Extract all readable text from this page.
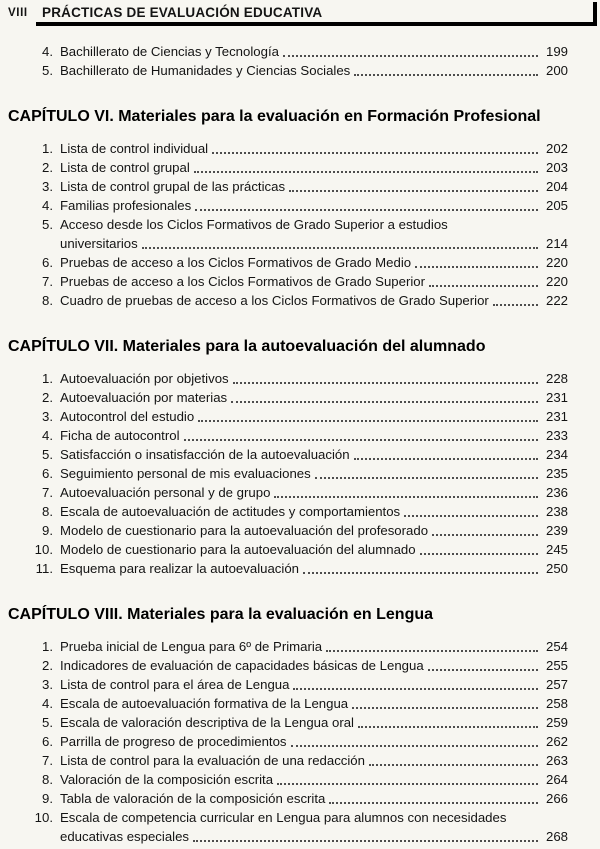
VIII PRÁCTICAS DE EVALUACIÓN EDUCATIVA
4. Bachillerato de Ciencias y Tecnología	199
5. Bachillerato de Humanidades y Ciencias Sociales	200
CAPÍTULO VI. Materiales para la evaluación en Formación Profesional
1. Lista de control individual	202
2. Lista de control grupal	203
3. Lista de control grupal de las prácticas	204
4. Familias profesionales	205
5. Acceso desde los Ciclos Formativos de Grado Superior a estudios
universitarios	214
6. Pruebas de acceso a los Ciclos Formativos de Grado Medio	220
7. Pruebas de acceso a los Ciclos Formativos de Grado Superior	220
8. Cuadro de pruebas de acceso a los Ciclos Formativos de Grado Superior	222
CAPÍTULO VII. Materiales para la autoevaluación del alumnado
1. Autoevaluación por objetivos	228
2. Autoevaluación por materias	231
3. Autocontrol del estudio	231
4. Ficha de autocontrol	233
5. Satisfacción o insatisfacción de la autoevaluación	234
6. Seguimiento personal de mis evaluaciones	235
7. Autoevaluación personal y de grupo	236
8. Escala de autoevaluación de actitudes y comportamientos	238
9. Modelo de cuestionario para la autoevaluación del profesorado	239
10. Modelo de cuestionario para la autoevaluación del alumnado	245
11. Esquema para realizar la autoevaluación	250
CAPÍTULO VIII. Materiales para la evaluación en Lengua
1. Prueba inicial de Lengua para 6º de Primaria	254
2. Indicadores de evaluación de capacidades básicas de Lengua	255
3. Lista de control para el área de Lengua	257
4. Escala de autoevaluación formativa de la Lengua	258
5. Escala de valoración descriptiva de la Lengua oral	259
6. Parrilla de progreso de procedimientos	262
7. Lista de control para la evaluación de una redacción	263
8. Valoración de la composición escrita	264
9. Tabla de valoración de la composición escrita	266
10. Escala de competencia curricular en Lengua para alumnos con necesidades
educativas especiales	268
